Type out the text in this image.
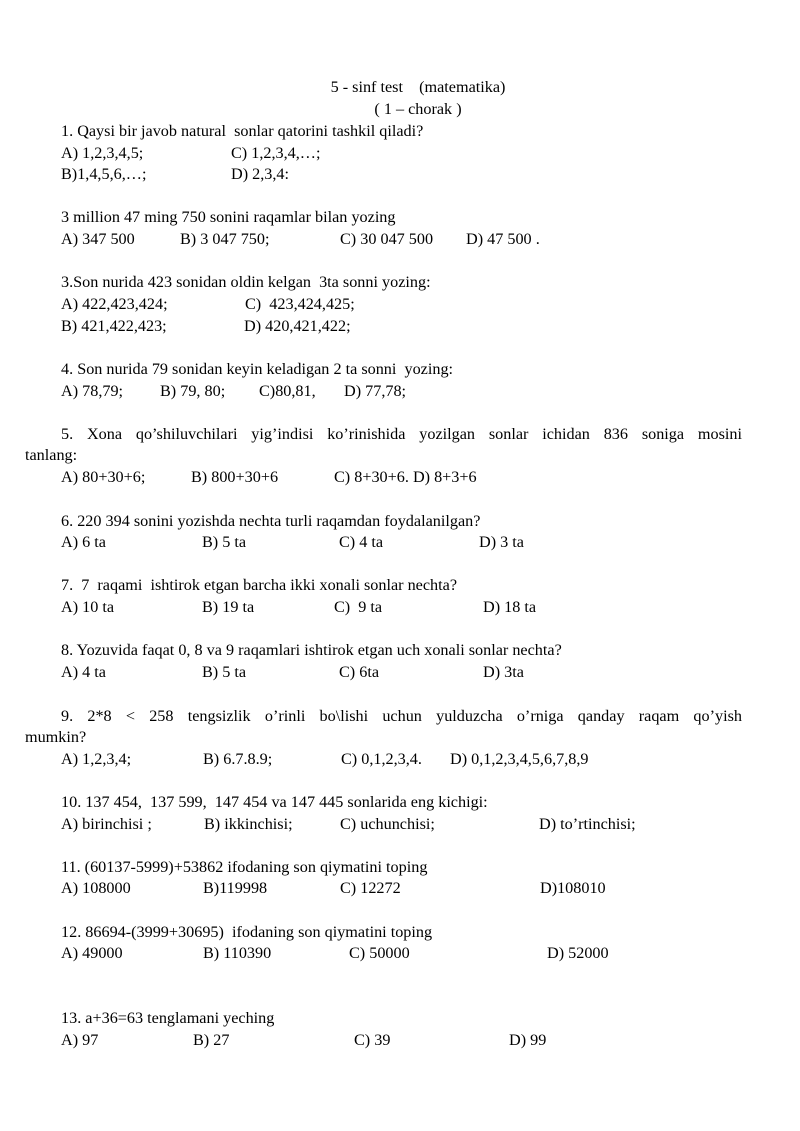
5 - sinf test    (matematika)
( 1 – chorak )
1. Qaysi bir javob natural  sonlar qatorini tashkil qiladi?
A) 1,2,3,4,5;	C) 1,2,3,4,…;
B)1,4,5,6,…;	D) 2,3,4:
3 million 47 ming 750 sonini raqamlar bilan yozing
A) 347 500	B) 3 047 750;	C) 30 047 500 D) 47 500 .
3.Son nurida 423 sonidan oldin kelgan  3ta sonni yozing:
A) 422,423,424;	C)  423,424,425;
B) 421,422,423;	D) 420,421,422;
4. Son nurida 79 sonidan keyin keladigan 2 ta sonni  yozing:
A) 78,79; B) 79, 80; C)80,81, D) 77,78;
5. Xona qo’shiluvchilari yig’indisi ko’rinishida yozilgan sonlar ichidan 836 soniga mosini
tanlang:
A) 80+30+6;	B) 800+30+6	C) 8+30+6. D) 8+3+6
6. 220 394 sonini yozishda nechta turli raqamdan foydalanilgan?
A) 6 ta	B) 5 ta	C) 4 ta	D) 3 ta
7.  7  raqami  ishtirok etgan barcha ikki xonali sonlar nechta?
A) 10 ta	B) 19 ta	C)  9 ta	D) 18 ta
8. Yozuvida faqat 0, 8 va 9 raqamlari ishtirok etgan uch xonali sonlar nechta?
A) 4 ta	B) 5 ta	C) 6ta	D) 3ta
9. 2*8 < 258 tengsizlik o’rinli bo\lishi uchun yulduzcha o’rniga qanday raqam qo’yish
mumkin?
A) 1,2,3,4;	B) 6.7.8.9;	C) 0,1,2,3,4. D) 0,1,2,3,4,5,6,7,8,9
10. 137 454,  137 599,  147 454 va 147 445 sonlarida eng kichigi:
A) birinchisi ;	B) ikkinchisi;	C) uchunchisi;	D) to’rtinchisi;
11. (60137-5999)+53862 ifodaning son qiymatini toping
A) 108000	B)119998	C) 12272	D)108010
12. 86694-(3999+30695)  ifodaning son qiymatini toping
A) 49000	B) 110390	C) 50000	D) 52000
13. a+36=63 tenglamani yeching
A) 97	B) 27	C) 39	D) 99
